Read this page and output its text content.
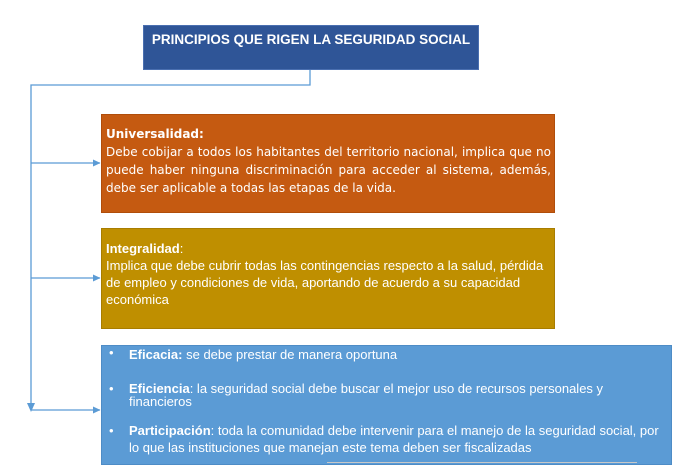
PRINCIPIOS QUE RIGEN LA SEGURIDAD SOCIAL
Universalidad:
Debe cobijar a todos los habitantes del territorio nacional, implica que no puede haber ninguna discriminación para acceder al sistema, además, debe ser aplicable a todas las etapas de la vida.
Integralidad:
Implica que debe cubrir todas las contingencias respecto a la salud, pérdida de empleo y condiciones de vida, aportando de acuerdo a su capacidad económica
• Eficacia: se debe prestar de manera oportuna
• Eficiencia: la seguridad social debe buscar el mejor uso de recursos personales y financieros
• Participación: toda la comunidad debe intervenir para el manejo de la seguridad social, por lo que las instituciones que manejan este tema deben ser fiscalizadas
